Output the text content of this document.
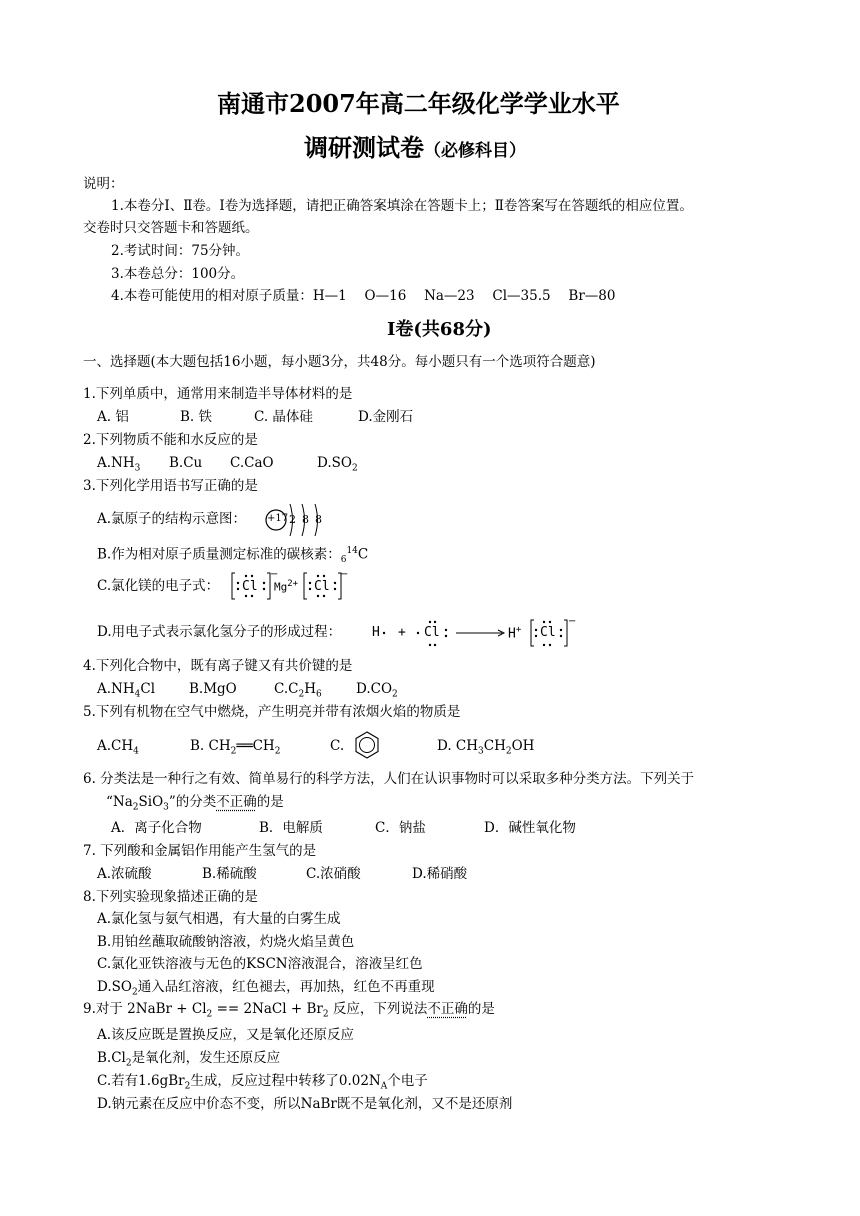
南通市2007年高二年级化学学业水平
调研测试卷（必修科目）
说明：
1.本卷分Ⅰ、Ⅱ卷。Ⅰ卷为选择题，请把正确答案填涂在答题卡上；Ⅱ卷答案写在答题纸的相应位置。
交卷时只交答题卡和答题纸。
2.考试时间：75分钟。
3.本卷总分：100分。
4.本卷可能使用的相对原子质量：H—1　 O—16　 Na—23　 Cl—35.5　 Br—80
Ⅰ卷(共68分)
一、选择题(本大题包括16小题，每小题3分，共48分。每小题只有一个选项符合题意)
1.下列单质中，通常用来制造半导体材料的是
A. 铝	B. 铁	C. 晶体硅	D.金刚石
2.下列物质不能和水反应的是
$A.NH_3$ B.Cu C.CaO	$D.SO_2$
3.下列化学用语书写正确的是
A.氯原子的结构示意图： +17 2 8 8
B.作为相对原子质量测定标准的碳核素：$_6^{14}$C
C.氯化镁的电子式： Cl $Mg^{2+}$ Cl
−	−
D.用电子式表示氯化氢分子的形成过程： H + Cl	H+ Cl
−
4.下列化合物中，既有离子键又有共价键的是
$A.NH_4Cl$	B.MgO	$C.C_2H_6$	$D.CO_2$
5.下列有机物在空气中燃烧，产生明亮并带有浓烟火焰的物质是
$A.CH_4$	B. $CH_2══CH_2$	C.	D. $CH_3CH_2OH$
6. 分类法是一种行之有效、简单易行的科学方法，人们在认识事物时可以采取多种分类方法。下列关于
“$Na_2SiO_3$”的分类不正确的是
A．离子化合物	B．电解质	C．钠盐	D．碱性氧化物
7. 下列酸和金属铝作用能产生氢气的是
A.浓硫酸	B.稀硫酸	C.浓硝酸	D.稀硝酸
8.下列实验现象描述正确的是
A.氯化氢与氨气相遇，有大量的白雾生成
B.用铂丝蘸取硫酸钠溶液，灼烧火焰呈黄色
C.氯化亚铁溶液与无色的KSCN溶液混合，溶液呈红色
$D.SO_2$通入品红溶液，红色褪去，再加热，红色不再重现
9.对于 2NaBr + $Cl_2$ == 2NaCl + $Br_2$ 反应，下列说法不正确的是
A.该反应既是置换反应，又是氧化还原反应
$B.Cl_2$是氧化剂，发生还原反应
C.若有1.6gBr$_2$生成，反应过程中转移了$0.02N_A$个电子
D.钠元素在反应中价态不变，所以NaBr既不是氧化剂，又不是还原剂
